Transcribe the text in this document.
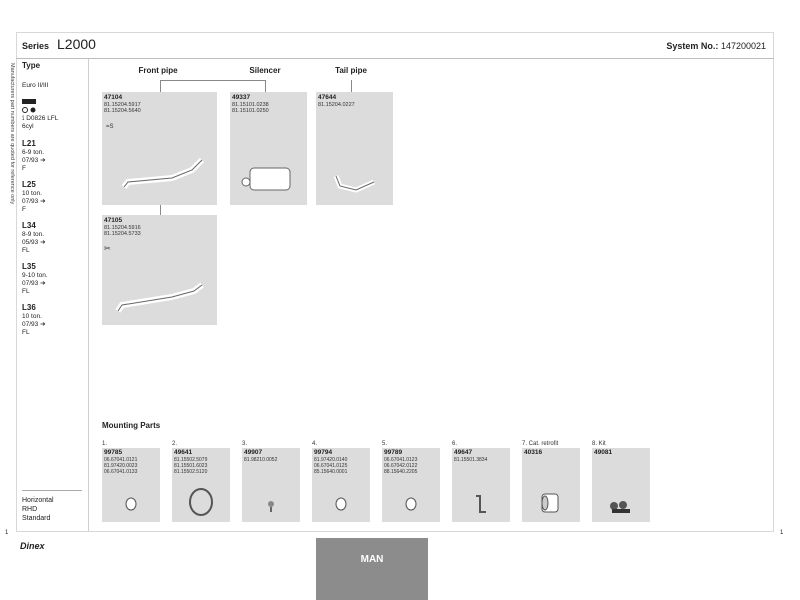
Series L2000	System No.: 147200021
Manufacturers part numbers are quoted for reference only Type
Euro II/III
⟟ D0826 LFL
6cyl
L21
6-9 ton.
07/93 ➔
F
L25
10 ton.
07/93 ➔
F
L34
8-9 ton.
05/93 ➔
FL
L35
9-10 ton.
07/93 ➔
FL
L36
10 ton.
07/93 ➔
FL
Horizontal
RHD
Standard
Front pipe	Silencer	Tail pipe
47104
81.15204.5917
81.15204.5640
=S
49337
81.15101.0238
81.15101.0250
47644
81.15204.0227
47105
81.15204.5916
81.15204.5733
✂
Mounting Parts
1.
99785
06.67041.0121
81.97420.0023
06.67041.0133
2.
49641
81.15502.5079
81.15501.6023
81.15502.5120
3.
49907
81.98210.0052
4.
99794
81.97420.0140
06.67041.0125
85.15640.0001
5.
99789
06.67041.0123
06.67042.0122
88.15640.2205
6.
49647
81.15501.3834
7. Cat. retrofit
40316
8. Kit
49081
1	1
Dinex
MAN
